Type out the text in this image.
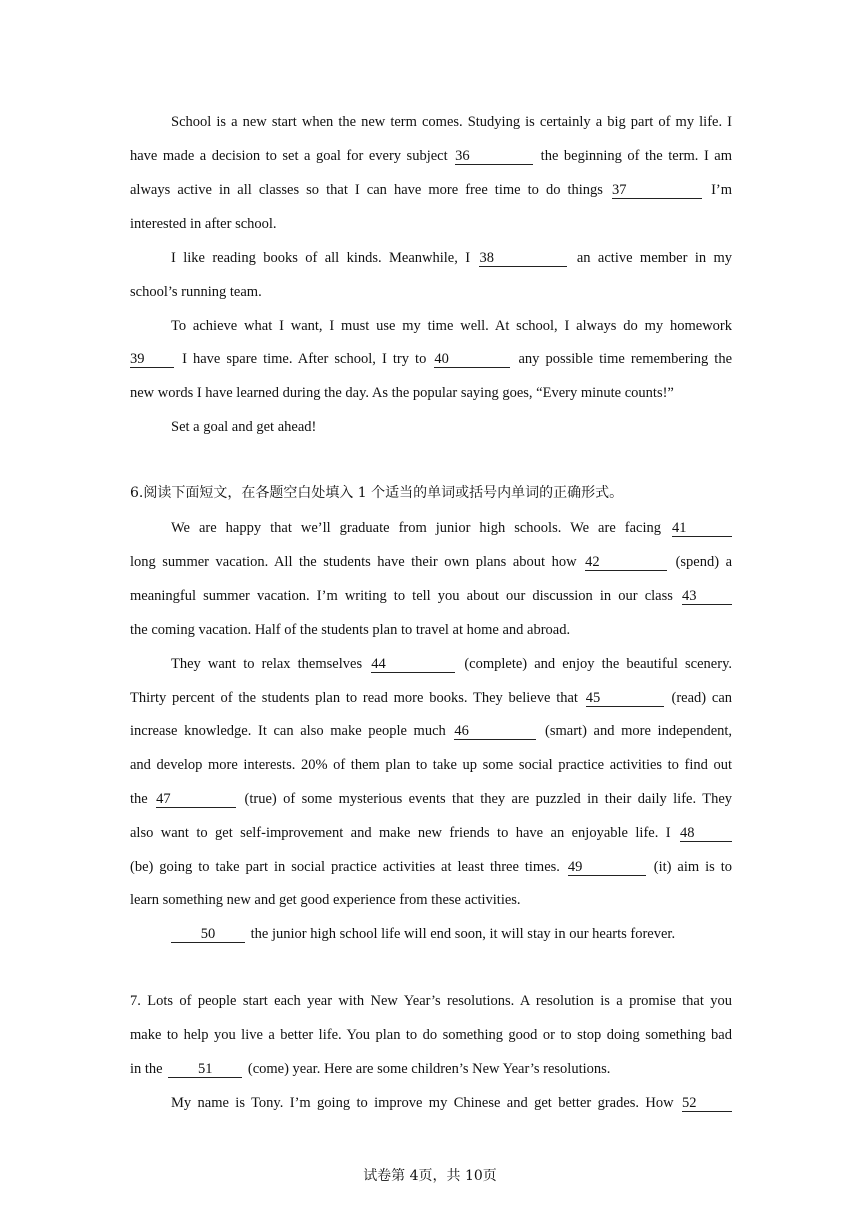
School is a new start when the new term comes. Studying is certainly a big part of my life. I
have made a decision to set a goal for every subject 36	the beginning of the term. I am
always active in all classes so that I can have more free time to do things 37	I’m
interested in after school.
I like reading books of all kinds. Meanwhile, I 38	an active member in my
school’s running team.
To achieve what I want, I must use my time well. At school, I always do my homework
39	I have spare time. After school, I try to 40	any possible time remembering the
new words I have learned during the day. As the popular saying goes, “Every minute counts!”
Set a goal and get ahead!
6.阅读下面短文，在各题空白处填入 1 个适当的单词或括号内单词的正确形式。
We are happy that we’ll graduate from junior high schools. We are facing 41
long summer vacation. All the students have their own plans about how 42	(spend) a
meaningful summer vacation. I’m writing to tell you about our discussion in our class 43
the coming vacation. Half of the students plan to travel at home and abroad.
They want to relax themselves 44	(complete) and enjoy the beautiful scenery.
Thirty percent of the students plan to read more books. They believe that 45	(read) can
increase knowledge. It can also make people much 46	(smart) and more independent,
and develop more interests. 20% of them plan to take up some social practice activities to find out
the 47	(true) of some mysterious events that they are puzzled in their daily life. They
also want to get self-improvement and make new friends to have an enjoyable life. I 48
(be) going to take part in social practice activities at least three times. 49	(it) aim is to
learn something new and get good experience from these activities.
50 the junior high school life will end soon, it will stay in our hearts forever.
7. Lots of people start each year with New Year’s resolutions. A resolution is a promise that you
make to help you live a better life. You plan to do something good or to stop doing something bad
in the 51 (come) year. Here are some children’s New Year’s resolutions.
My name is Tony. I’m going to improve my Chinese and get better grades. How 52
试卷第 4页，共 10页
